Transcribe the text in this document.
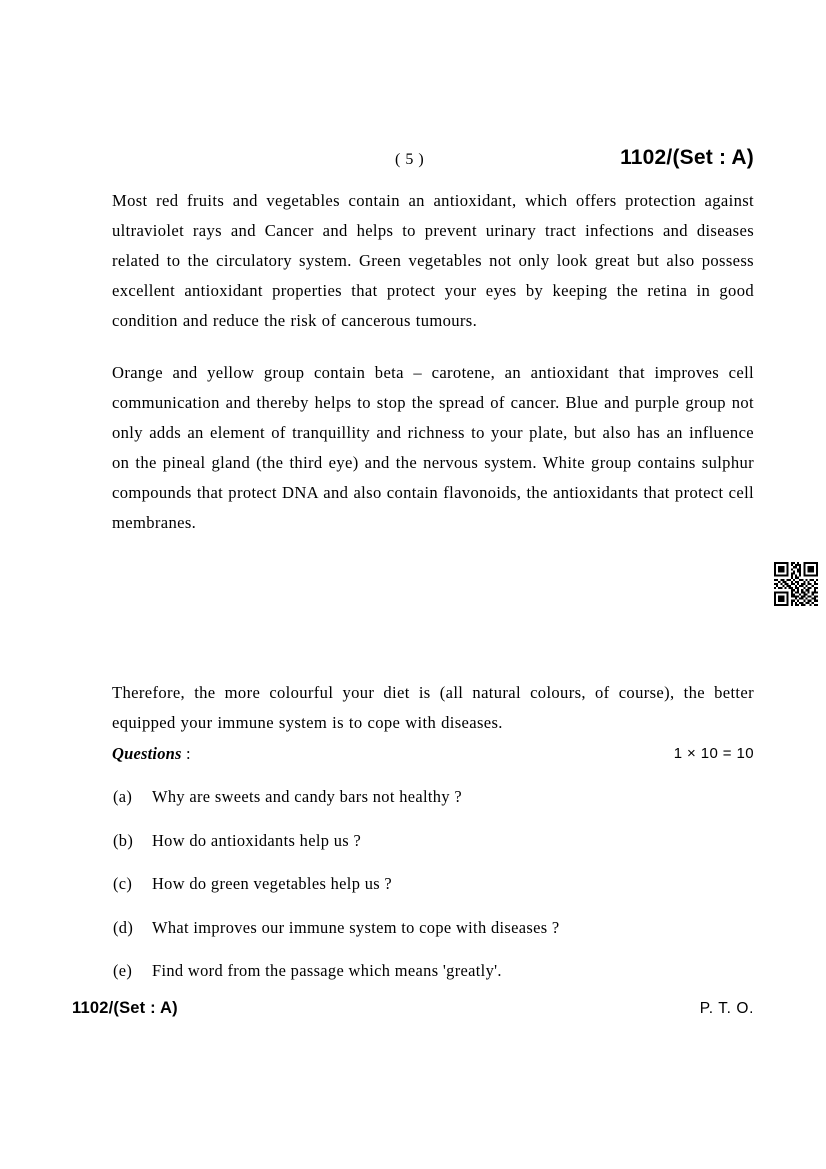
( 5 )	1102/(Set : A)

Most red fruits and vegetables contain an antioxidant, which offers protection against ultraviolet rays and Cancer and helps to prevent urinary tract infections and diseases related to the circulatory system. Green vegetables not only look great but also possess excellent antioxidant properties that protect your eyes by keeping the retina in good condition and reduce the risk of cancerous tumours.

Orange and yellow group contain beta – carotene, an antioxidant that improves cell communication and thereby helps to stop the spread of cancer. Blue and purple group not only adds an element of tranquillity and richness to your plate, but also has an influence on the pineal gland (the third eye) and the nervous system. White group contains sulphur compounds that protect DNA and also contain flavonoids, the antioxidants that protect cell membranes.

Therefore, the more colourful your diet is (all natural colours, of course), the better equipped your immune system is to cope with diseases.

Questions :	1 × 10 = 10
(a)	Why are sweets and candy bars not healthy ?
(b)	How do antioxidants help us ?
(c)	How do green vegetables help us ?
(d)	What improves our immune system to cope with diseases ?
(e)	Find word from the passage which means 'greatly'.
1102/(Set : A)	P. T. O.
